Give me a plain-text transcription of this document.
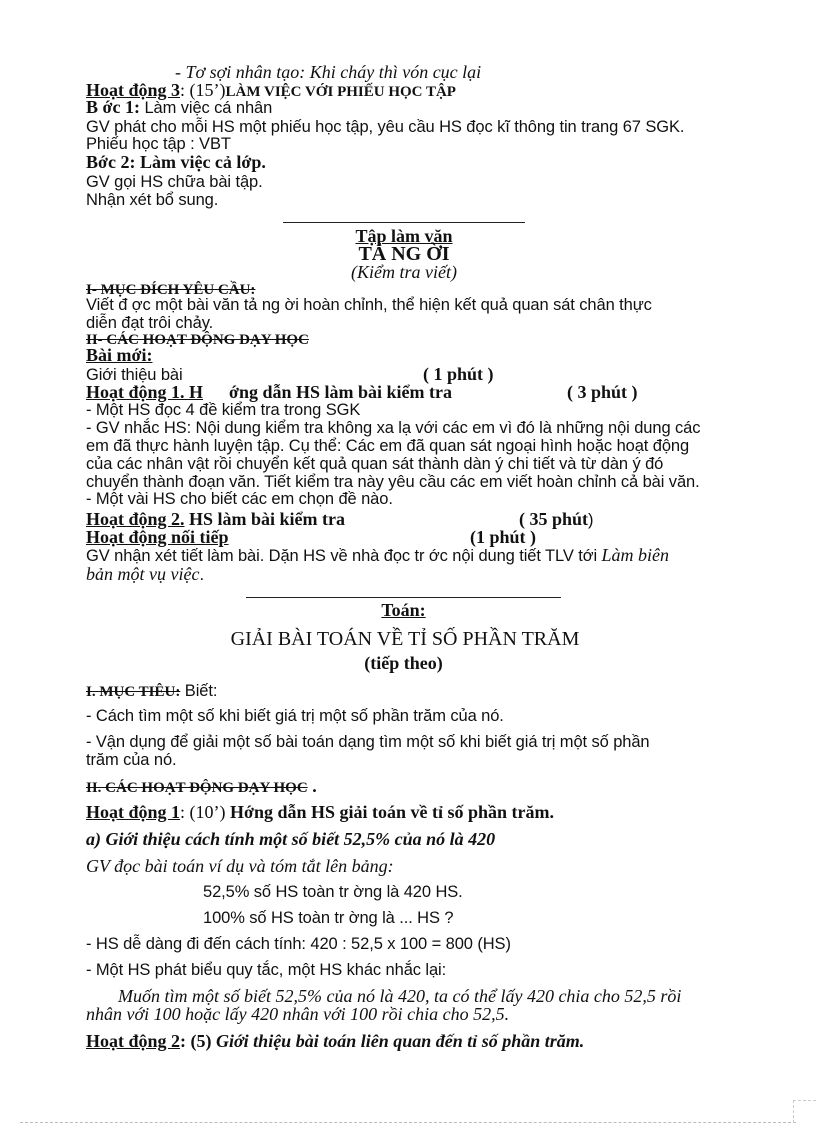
- Tơ sợi nhân tạo: Khi cháy thì vón cục lại
Hoạt động 3: (15’)LÀM VIỆC VỚI PHIẾU HỌC TẬP
B ớc 1: Làm việc cá nhân
GV phát cho mỗi HS một phiếu học tập, yêu cầu HS đọc kĩ thông tin trang 67 SGK.
Phiếu học tập : VBT
Bớc 2: Làm việc cả lớp.
GV gọi HS chữa bài tập.
Nhận xét bổ sung.
Tập làm văn
TẢ NG ỜI
(Kiểm tra viết)
I- MỤC ĐÍCH YÊU CẦU:
Viết đ ợc một bài văn tả ng ời hoàn chỉnh, thể hiện kết quả quan sát chân thực
diễn đạt trôi chảy.
II- CÁC HOẠT ĐỘNG DẠY HỌC
Bài mới:
Giới thiệu bài	( 1 phút )
Hoạt động 1. H ớng dẫn HS làm bài kiểm tra	( 3 phút )
- Một HS đọc 4 đề kiểm tra trong SGK
- GV nhắc HS: Nội dung kiểm tra không xa lạ với các em vì đó là những nội dung các
em đã thực hành luyện tập. Cụ thể: Các em đã quan sát ngoại hình hoặc hoạt động
của các nhân vật rồi chuyển kết quả quan sát thành dàn ý chi tiết và từ dàn ý đó
chuyển thành đoạn văn. Tiết kiểm tra này yêu cầu các em viết hoàn chỉnh cả bài văn.
- Một vài HS cho biết các em chọn đề nào.
Hoạt động 2. HS làm bài kiểm tra	( 35 phút)
Hoạt động nối tiếp	(1 phút )
GV nhận xét tiết làm bài. Dặn HS về nhà đọc tr ớc nội dung tiết TLV tới Làm biên
bản một vụ việc.
Toán:
GIẢI BÀI TOÁN VỀ TỈ SỐ PHẦN TRĂM
(tiếp theo)
I. MỤC TIÊU: Biết:
- Cách tìm một số khi biết giá trị một số phần trăm của nó.
- Vận dụng để giải một số bài toán dạng tìm một số khi biết giá trị một số phần
trăm của nó.
II. CÁC HOẠT ĐỘNG DẠY HỌC .
Hoạt động 1: (10’) Hớng dẫn HS giải toán về tỉ số phần trăm.
a) Giới thiệu cách tính một số biết 52,5% của nó là 420
GV đọc bài toán ví dụ và tóm tắt lên bảng:
52,5% số HS toàn tr ờng là 420 HS.
100% số HS toàn tr ờng là ... HS ?
- HS dễ dàng đi đến cách tính: 420 : 52,5 x 100 = 800 (HS)
- Một HS phát biểu quy tắc, một HS khác nhắc lại:
Muốn tìm một số biết 52,5% của nó là 420, ta có thể lấy 420 chia cho 52,5 rồi
nhân với 100 hoặc lấy 420 nhân với 100 rồi chia cho 52,5.
Hoạt động 2: (5) Giới thiệu bài toán liên quan đến tỉ số phần trăm.
